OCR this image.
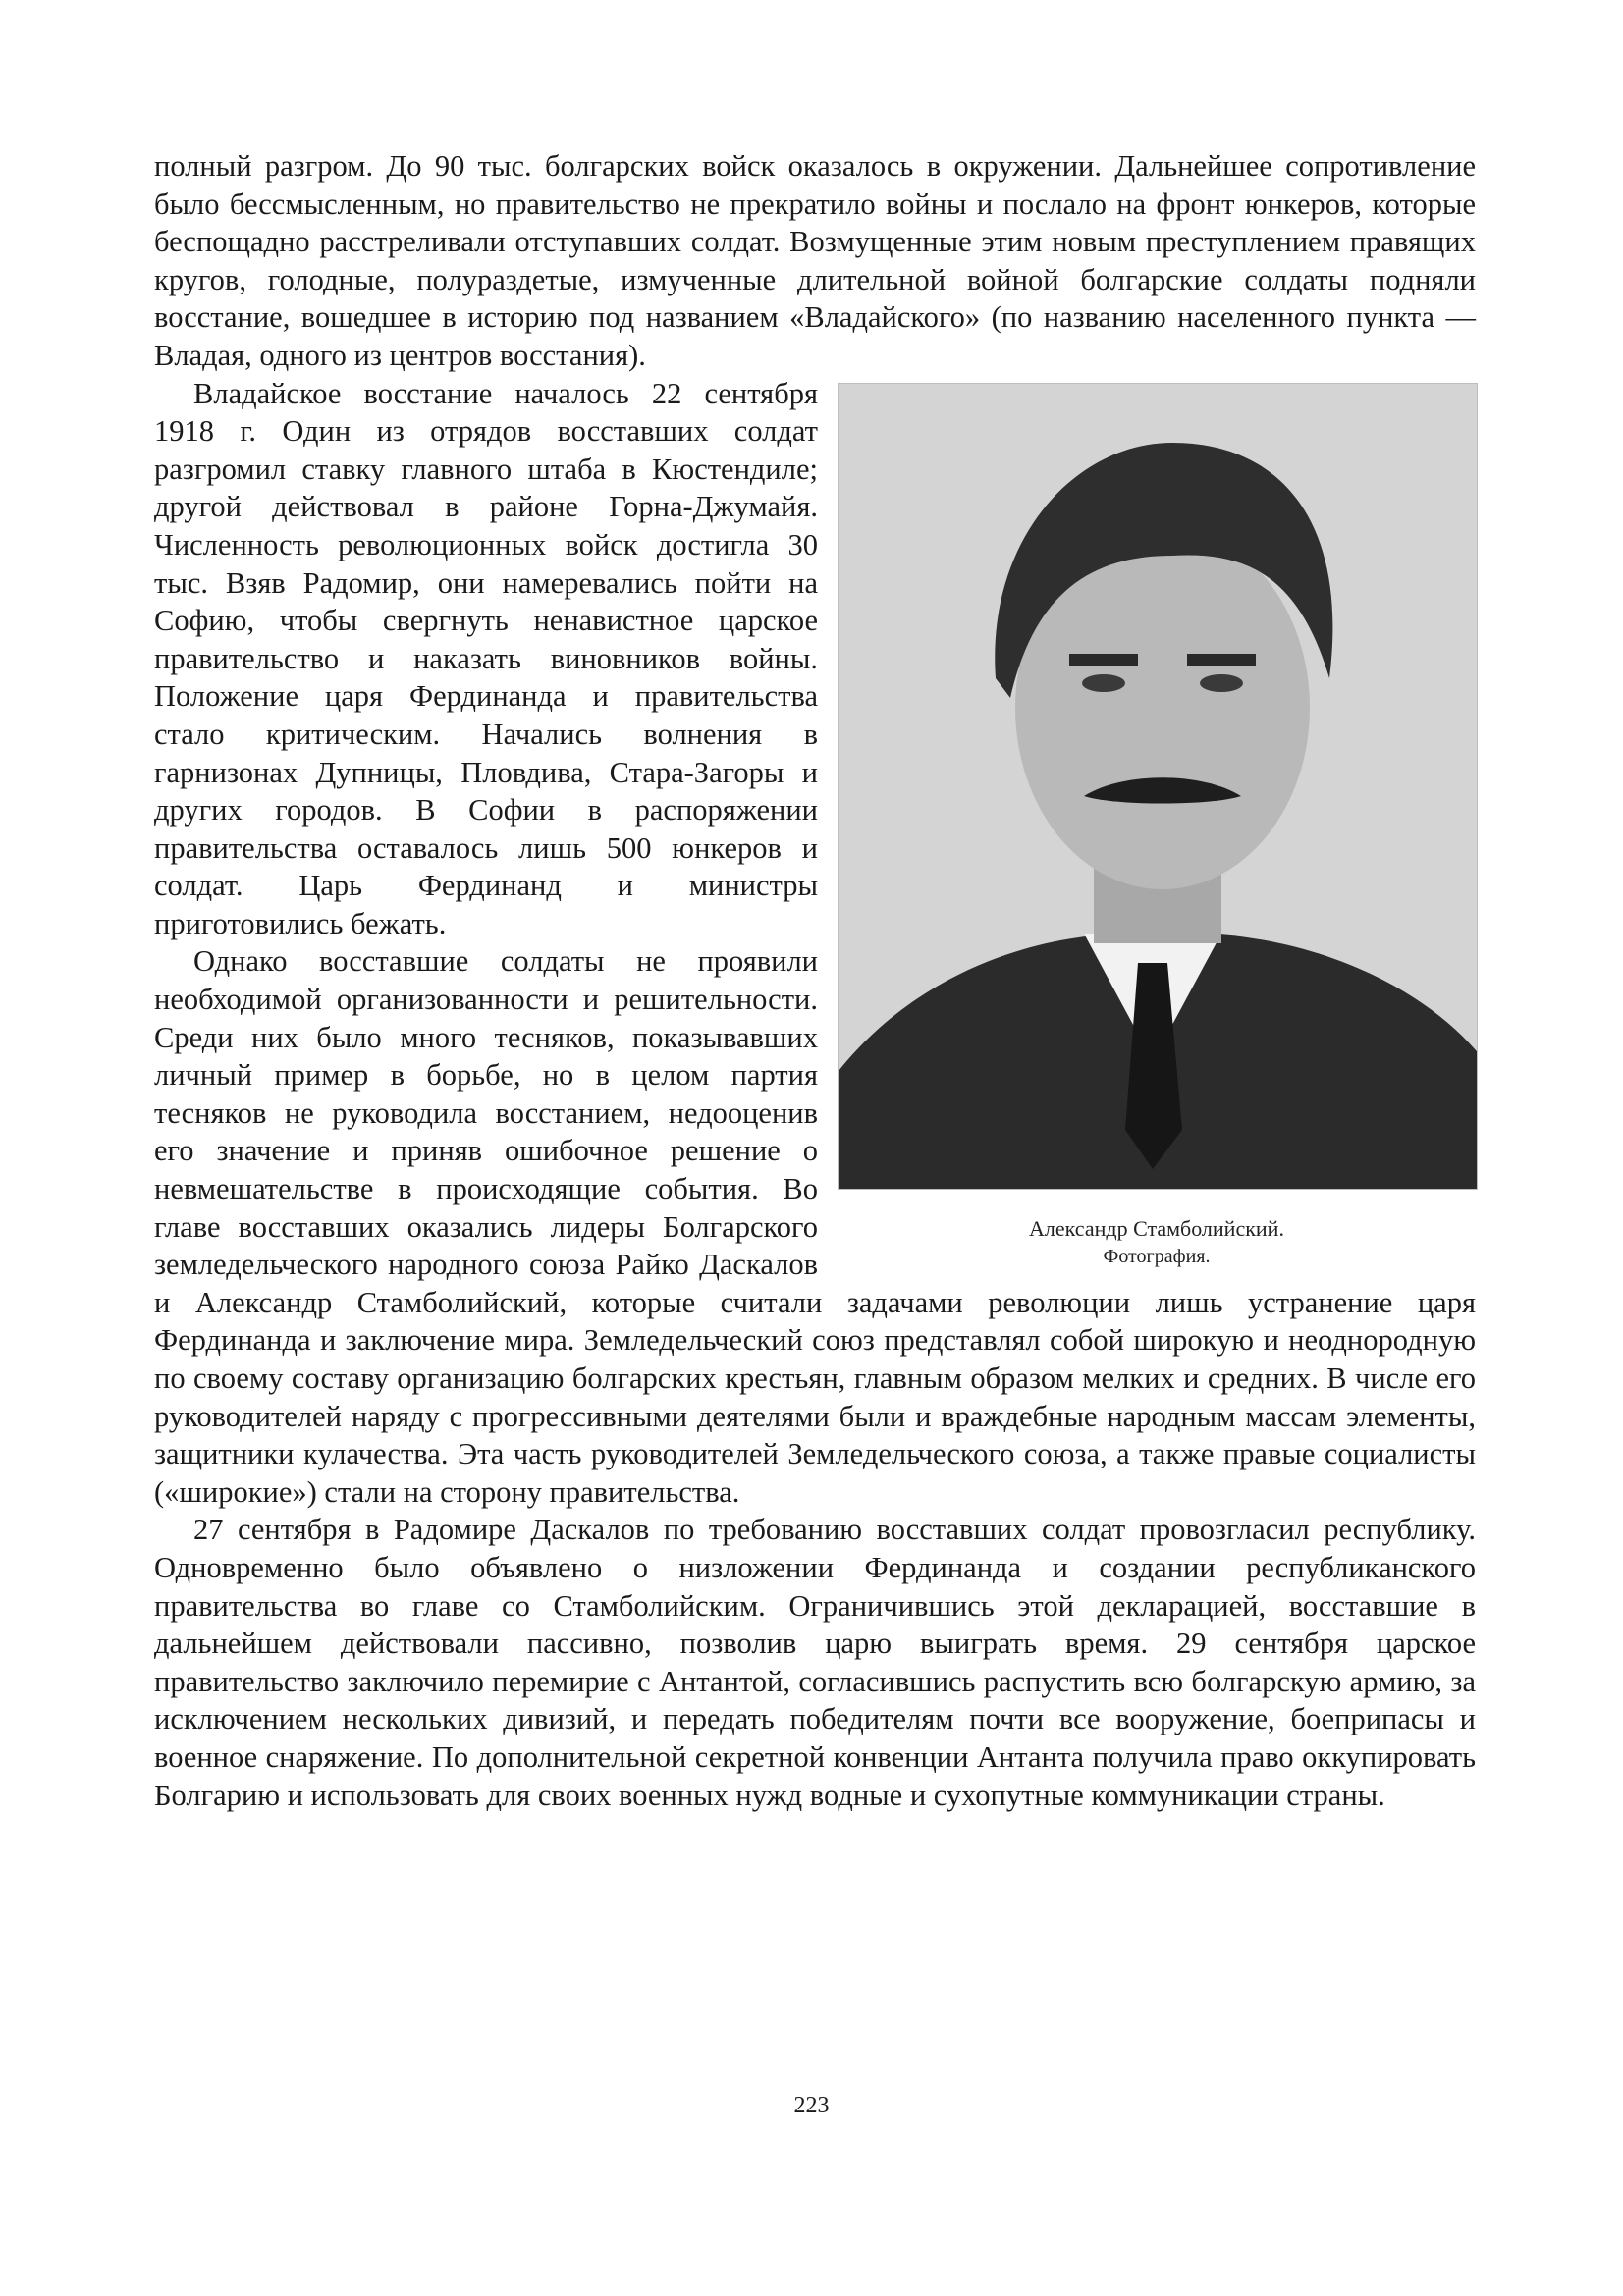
полный разгром. До 90 тыс. болгарских войск оказалось в окружении. Дальнейшее сопротивление было бессмысленным, но правительство не прекратило войны и послало на фронт юнкеров, которые беспощадно расстреливали отступавших солдат. Возмущенные этим новым преступлением правящих кругов, голодные, полураздетые, измученные длительной войной болгарские солдаты подняли восстание, вошедшее в историю под названием «Владайского» (по названию населенного пункта — Владая, одного из центров восстания).

Александр Стамболийский.
Фотография.

Владайское восстание началось 22 сентября 1918 г. Один из отрядов восставших солдат разгромил ставку главного штаба в Кюстендиле; другой действовал в районе Горна-Джумайя. Численность революционных войск достигла 30 тыс. Взяв Радомир, они намеревались пойти на Софию, чтобы свергнуть ненавистное царское правительство и наказать виновников войны. Положение царя Фердинанда и правительства стало критическим. Начались волнения в гарнизонах Дупницы, Пловдива, Стара-Загоры и других городов. В Софии в распоряжении правительства оставалось лишь 500 юнкеров и солдат. Царь Фердинанд и министры приготовились бежать.

Однако восставшие солдаты не проявили необходимой организованности и решительности. Среди них было много тесняков, показывавших личный пример в борьбе, но в целом партия тесняков не руководила восстанием, недооценив его значение и приняв ошибочное решение о невмешательстве в происходящие события. Во главе восставших оказались лидеры Болгарского земледельческого народного союза Райко Даскалов и Александр Стамболийский, которые считали задачами революции лишь устранение царя Фердинанда и заключение мира. Земледельческий союз представлял собой широкую и неоднородную по своему составу организацию болгарских крестьян, главным образом мелких и средних. В числе его руководителей наряду с прогрессивными деятелями были и враждебные народным массам элементы, защитники кулачества. Эта часть руководителей Земледельческого союза, а также правые социалисты («широкие») стали на сторону правительства.

27 сентября в Радомире Даскалов по требованию восставших солдат провозгласил республику. Одновременно было объявлено о низложении Фердинанда и создании республиканского правительства во главе со Стамболийским. Ограничившись этой декларацией, восставшие в дальнейшем действовали пассивно, позволив царю выиграть время. 29 сентября царское правительство заключило перемирие с Антантой, согласившись распустить всю болгарскую армию, за исключением нескольких дивизий, и передать победителям почти все вооружение, боеприпасы и военное снаряжение. По дополнительной секретной конвенции Антанта получила право оккупировать Болгарию и использовать для своих военных нужд водные и сухопутные коммуникации страны.

223
